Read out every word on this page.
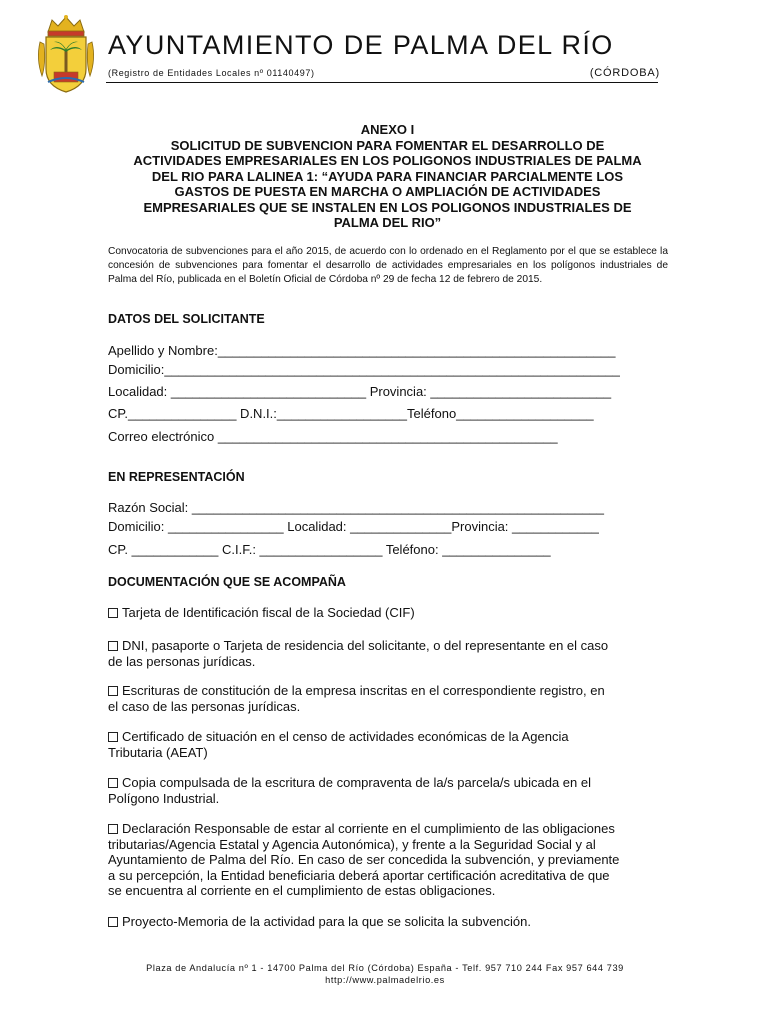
AYUNTAMIENTO DE PALMA DEL RÍO
(Registro de Entidades Locales nº 01140497)	(CÓRDOBA)
ANEXO I
SOLICITUD DE SUBVENCION PARA FOMENTAR EL DESARROLLO DE
ACTIVIDADES EMPRESARIALES EN LOS POLIGONOS INDUSTRIALES DE PALMA
DEL RIO PARA LALINEA 1: “AYUDA PARA FINANCIAR PARCIALMENTE LOS
GASTOS DE PUESTA EN MARCHA O AMPLIACIÓN DE ACTIVIDADES
EMPRESARIALES QUE SE INSTALEN EN LOS POLIGONOS INDUSTRIALES DE
PALMA DEL RIO”
Convocatoria de subvenciones para el año 2015, de acuerdo con lo ordenado en el Reglamento por el que se establece la concesión de subvenciones para fomentar el desarrollo de actividades empresariales en los polígonos industriales de Palma del Río, publicada en el Boletín Oficial de Córdoba nº 29 de fecha 12 de febrero de 2015.
DATOS DEL SOLICITANTE
Apellido y Nombre:_______________________________________________________
Domicilio:_______________________________________________________________
Localidad: ___________________________ Provincia: _________________________
CP._______________ D.N.I.:__________________Teléfono___________________
Correo electrónico _______________________________________________
EN REPRESENTACIÓN
Razón Social: _________________________________________________________
Domicilio: ________________ Localidad: ______________Provincia: ____________
CP. ____________ C.I.F.: _________________ Teléfono: _______________
DOCUMENTACIÓN QUE SE ACOMPAÑA
Tarjeta de Identificación fiscal de la Sociedad (CIF)
DNI, pasaporte o Tarjeta de residencia del solicitante, o del representante en el caso
de las personas jurídicas.
Escrituras de constitución de la empresa inscritas en el correspondiente registro, en
el caso de las personas jurídicas.
Certificado de situación en el censo de actividades económicas de la Agencia
Tributaria (AEAT)
Copia compulsada de la escritura de compraventa de la/s parcela/s ubicada en el
Polígono Industrial.
Declaración Responsable de estar al corriente en el cumplimiento de las obligaciones
tributarias/Agencia Estatal y Agencia Autonómica), y frente a la Seguridad Social y al
Ayuntamiento de Palma del Río. En caso de ser concedida la subvención, y previamente
a su percepción, la Entidad beneficiaria deberá aportar certificación acreditativa de que
se encuentra al corriente en el cumplimiento de estas obligaciones.
Proyecto-Memoria de la actividad para la que se solicita la subvención.
Plaza de Andalucía nº 1 - 14700 Palma del Río (Córdoba) España - Telf. 957 710 244 Fax 957 644 739
http://www.palmadelrio.es
